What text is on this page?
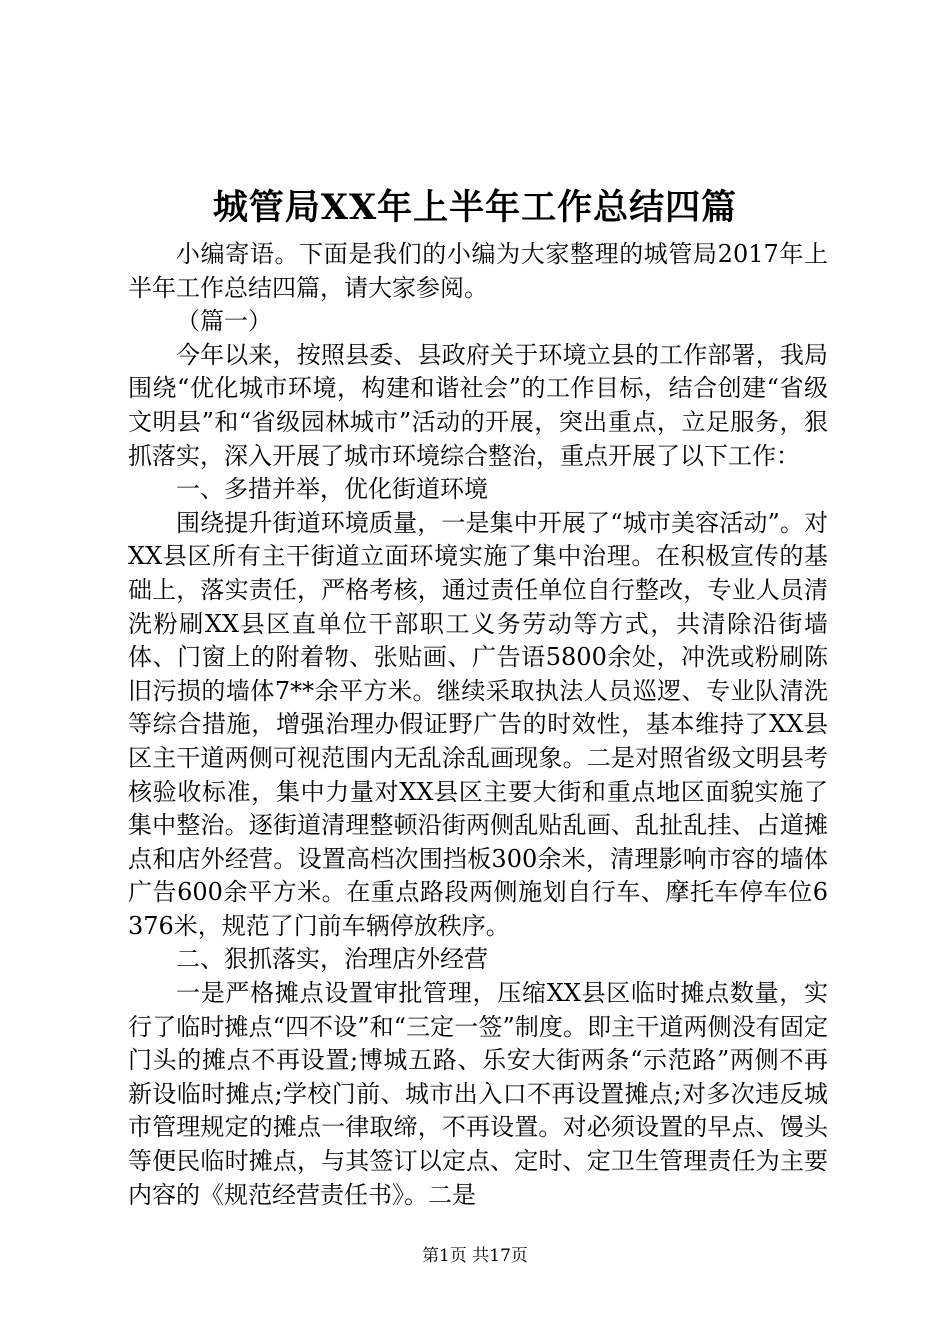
城管局XX年上半年工作总结四篇

小编寄语。下面是我们的小编为大家整理的城管局2017年上半年工作总结四篇，请大家参阅。

（篇一）

今年以来，按照县委、县政府关于环境立县的工作部署，我局围绕“优化城市环境，构建和谐社会”的工作目标，结合创建“省级文明县”和“省级园林城市”活动的开展，突出重点，立足服务，狠抓落实，深入开展了城市环境综合整治，重点开展了以下工作：

一、多措并举，优化街道环境

围绕提升街道环境质量，一是集中开展了“城市美容活动”。对XX县区所有主干街道立面环境实施了集中治理。在积极宣传的基础上，落实责任，严格考核，通过责任单位自行整改，专业人员清洗粉刷XX县区直单位干部职工义务劳动等方式，共清除沿街墙体、门窗上的附着物、张贴画、广告语5800余处，冲洗或粉刷陈旧污损的墙体7**余平方米。继续采取执法人员巡逻、专业队清洗等综合措施，增强治理办假证野广告的时效性，基本维持了XX县区主干道两侧可视范围内无乱涂乱画现象。二是对照省级文明县考核验收标准，集中力量对XX县区主要大街和重点地区面貌实施了集中整治。逐街道清理整顿沿街两侧乱贴乱画、乱扯乱挂、占道摊点和店外经营。设置高档次围挡板300余米，清理影响市容的墙体广告600余平方米。在重点路段两侧施划自行车、摩托车停车位6376米，规范了门前车辆停放秩序。

二、狠抓落实，治理店外经营

一是严格摊点设置审批管理，压缩XX县区临时摊点数量，实行了临时摊点“四不设”和“三定一签”制度。即主干道两侧没有固定门头的摊点不再设置;博城五路、乐安大街两条“示范路”两侧不再新设临时摊点;学校门前、城市出入口不再设置摊点;对多次违反城市管理规定的摊点一律取缔，不再设置。对必须设置的早点、馒头等便民临时摊点，与其签订以定点、定时、定卫生管理责任为主要内容的《规范经营责任书》。二是

第1页 共17页
